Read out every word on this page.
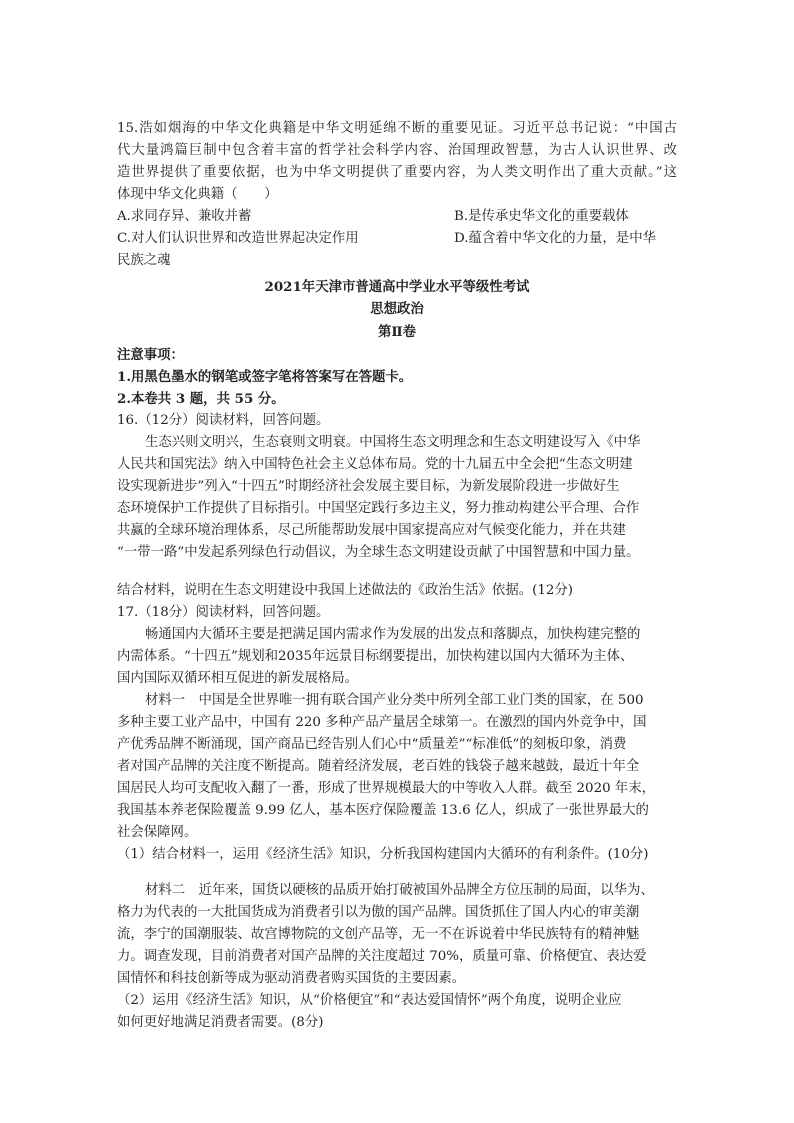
15.浩如烟海的中华文化典籍是中华文明延绵不断的重要见证。习近平总书记说：“中国古
代大量鸿篇巨制中包含着丰富的哲学社会科学内容、治国理政智慧，为古人认识世界、改
造世界提供了重要依据，也为中华文明提供了重要内容，为人类文明作出了重大贡献。”这
体现中华文化典籍（　　）
A.求同存异、兼收并蓄	B.是传承史华文化的重要载体
C.对人们认识世界和改造世界起决定作用	D.蕴含着中华文化的力量，是中华
民族之魂
2021年天津市普通高中学业水平等级性考试
思想政治
第Ⅱ卷
注意事项：
1.用黑色墨水的钢笔或签字笔将答案写在答题卡。
2.本卷共 3 题，共 55 分。
16.（12分）阅读材料，回答问题。
生态兴则文明兴，生态衰则文明衰。中国将生态文明理念和生态文明建设写入《中华
人民共和国宪法》纳入中国特色社会主义总体布局。党的十九届五中全会把“生态文明建
设实现新进步”列入“十四五”时期经济社会发展主要目标，为新发展阶段进一步做好生
态环境保护工作提供了目标指引。中国坚定践行多边主义，努力推动构建公平合理、合作
共赢的全球环境治理体系，尽己所能帮助发展中国家提高应对气候变化能力，并在共建
“一带一路”中发起系列绿色行动倡议，为全球生态文明建设贡献了中国智慧和中国力量。
结合材料，说明在生态文明建设中我国上述做法的《政治生活》依据。(12分)
17.（18分）阅读材料，回答问题。
畅通国内大循环主要是把满足国内需求作为发展的出发点和落脚点，加快构建完整的
内需体系。“十四五”规划和2035年远景目标纲要提出，加快构建以国内大循环为主体、
国内国际双循环相互促进的新发展格局。
材料一　中国是全世界唯一拥有联合国产业分类中所列全部工业门类的国家，在 500
多种主要工业产品中，中国有 220 多种产品产量居全球第一。在激烈的国内外竞争中，国
产优秀品牌不断涌现，国产商品已经告别人们心中“质量差”“标准低”的刻板印象，消费
者对国产品牌的关注度不断提高。随着经济发展，老百姓的钱袋子越来越鼓，最近十年全
国居民人均可支配收入翻了一番，形成了世界规模最大的中等收入人群。截至 2020 年末，
我国基本养老保险覆盖 9.99 亿人，基本医疗保险覆盖 13.6 亿人，织成了一张世界最大的
社会保障网。
（1）结合材料一，运用《经济生活》知识，分析我国构建国内大循环的有利条件。(10分)
材料二　近年来，国货以硬核的品质开始打破被国外品牌全方位压制的局面，以华为、
格力为代表的一大批国货成为消费者引以为傲的国产品牌。国货抓住了国人内心的审美潮
流，李宁的国潮服装、故宫博物院的文创产品等，无一不在诉说着中华民族特有的精神魅
力。调查发现，目前消费者对国产品牌的关注度超过 70%，质量可靠、价格便宜、表达爱
国情怀和科技创新等成为驱动消费者购买国货的主要因素。
（2）运用《经济生活》知识，从“价格便宜”和“表达爱国情怀”两个角度，说明企业应
如何更好地满足消费者需要。(8分)
